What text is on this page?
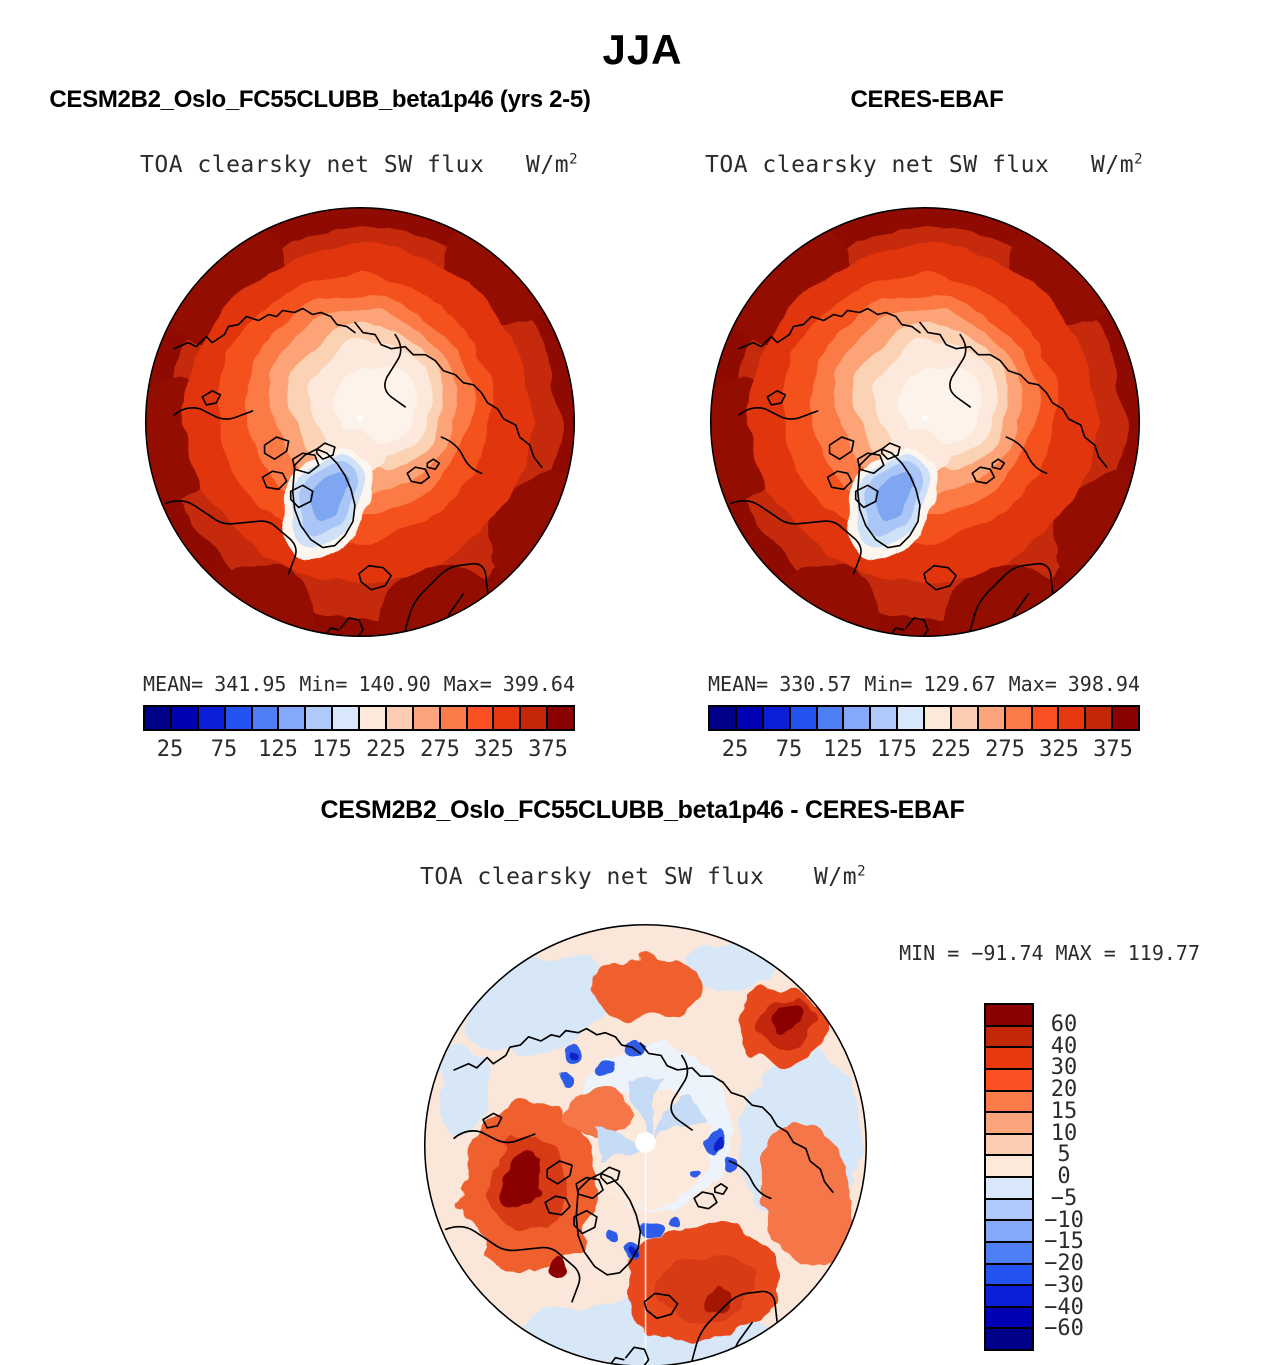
JJA
CESM2B2_Oslo_FC55CLUBB_beta1p46 (yrs 2-5)	CERES-EBAF
TOA clearsky net SW flux $W/m^2$	TOA clearsky net SW flux $W/m^2$
MEAN= 341.95 Min= 140.90 Max= 399.64	MEAN= 330.57 Min= 129.67 Max= 398.94
25 75 125 175 225 275 325 375	25 75 125 175 225 275 325 375
CESM2B2_Oslo_FC55CLUBB_beta1p46 - CERES-EBAF
TOA clearsky net SW flux $W/m^2$
MIN = −91.74 MAX = 119.77
60
40
30
20
15
10
5
0
−5
−10
−15
−20
−30
−40
−60
